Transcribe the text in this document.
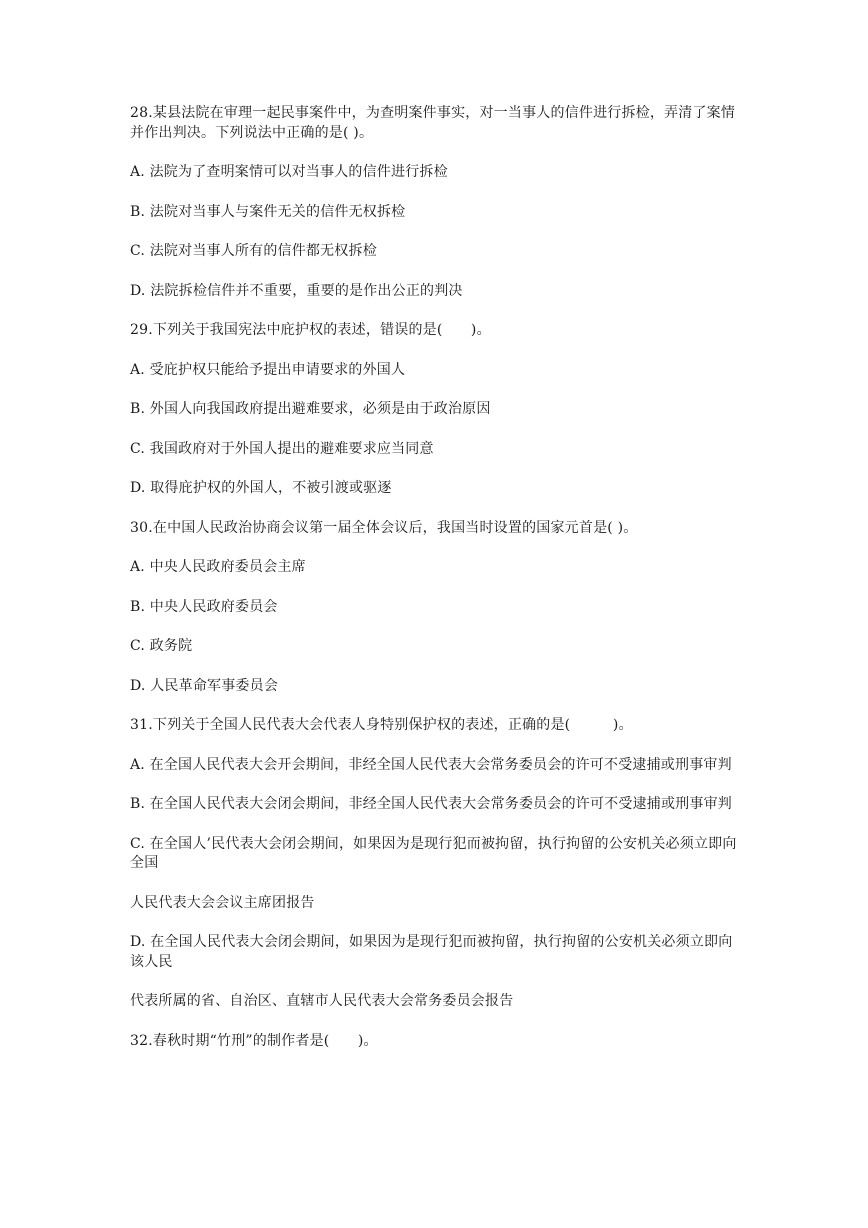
28.某县法院在审理一起民事案件中，为查明案件事实，对一当事人的信件进行拆检，弄清了案情并作出判决。下列说法中正确的是( )。

A. 法院为了查明案情可以对当事人的信件进行拆检

B. 法院对当事人与案件无关的信件无权拆检

C. 法院对当事人所有的信件都无权拆检

D. 法院拆检信件并不重要，重要的是作出公正的判决

29.下列关于我国宪法中庇护权的表述，错误的是(　　)。

A. 受庇护权只能给予提出申请要求的外国人

B. 外国人向我国政府提出避难要求，必须是由于政治原因

C. 我国政府对于外国人提出的避难要求应当同意

D. 取得庇护权的外国人，不被引渡或驱逐

30.在中国人民政治协商会议第一届全体会议后，我国当时设置的国家元首是( )。

A. 中央人民政府委员会主席

B. 中央人民政府委员会

C. 政务院

D. 人民革命军事委员会

31.下列关于全国人民代表大会代表人身特别保护权的表述，正确的是(　　　)。

A. 在全国人民代表大会开会期间，非经全国人民代表大会常务委员会的许可不受逮捕或刑事审判

B. 在全国人民代表大会闭会期间，非经全国人民代表大会常务委员会的许可不受逮捕或刑事审判

C. 在全国人’民代表大会闭会期间，如果因为是现行犯而被拘留，执行拘留的公安机关必须立即向全国

人民代表大会会议主席团报告

D. 在全国人民代表大会闭会期间，如果因为是现行犯而被拘留，执行拘留的公安机关必须立即向该人民

代表所属的省、自治区、直辖市人民代表大会常务委员会报告

32.春秋时期“竹刑”的制作者是(　　)。
